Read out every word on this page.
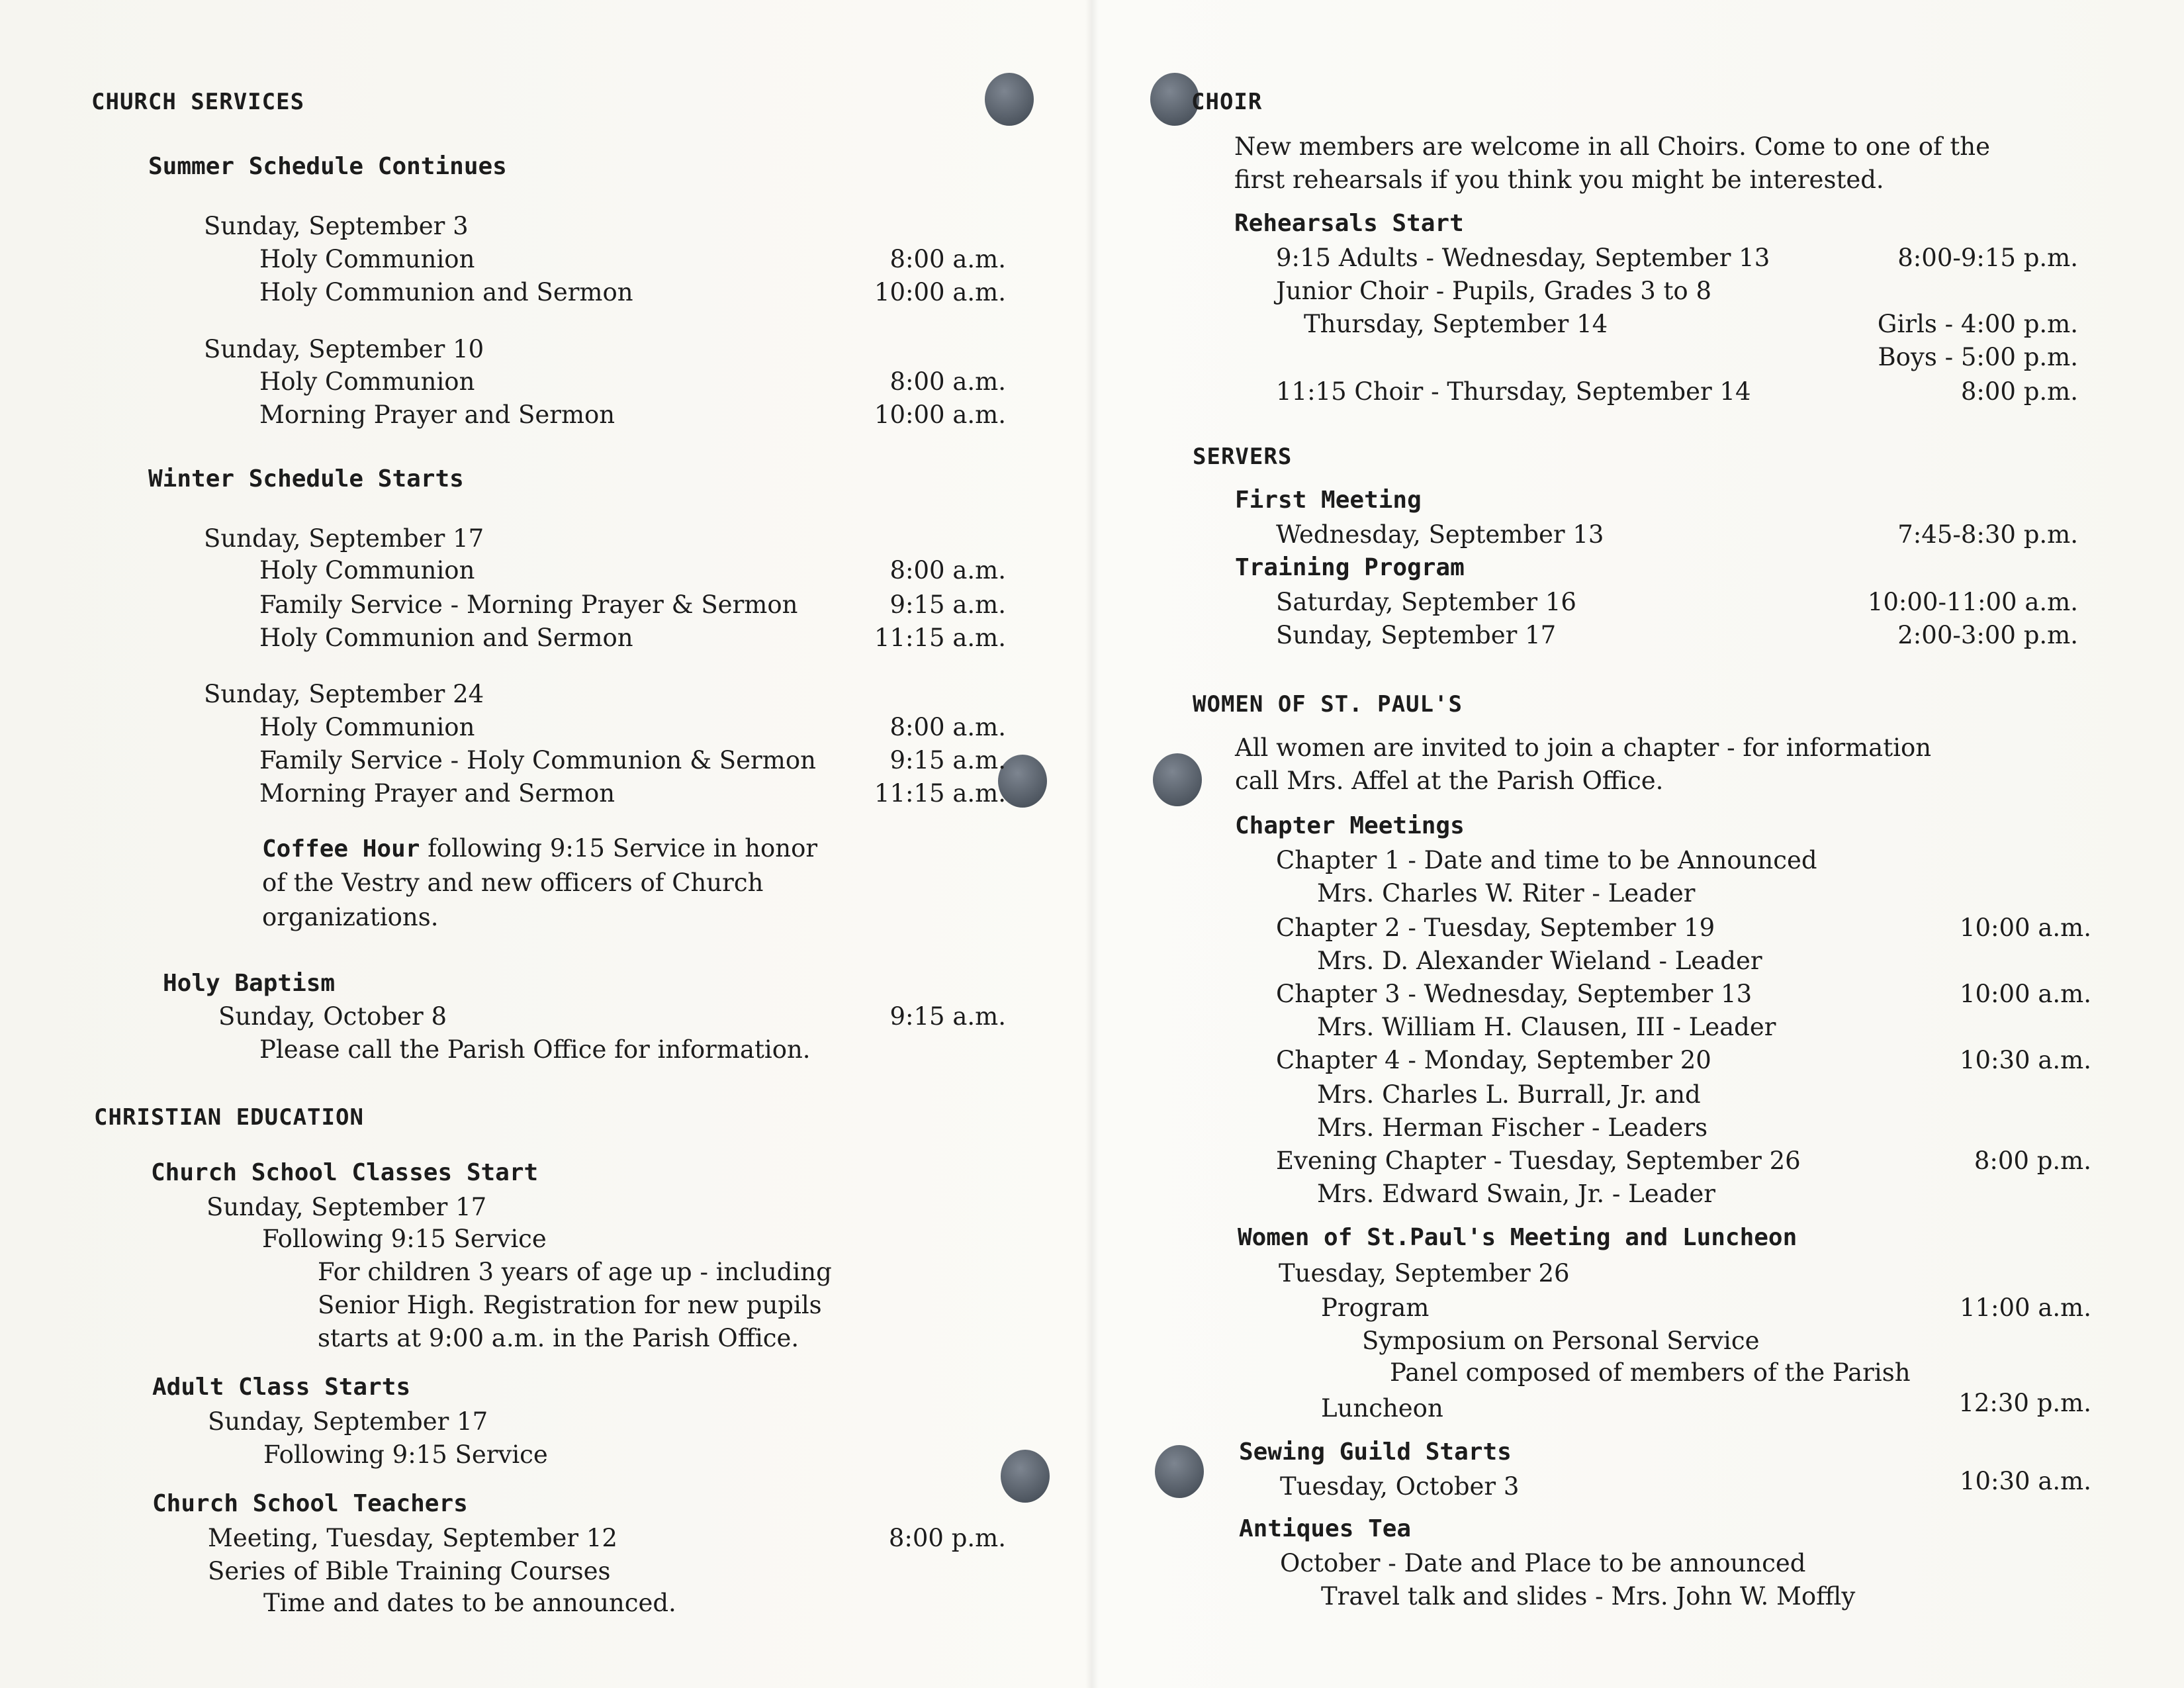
CHURCH SERVICES
Summer Schedule Continues
Sunday, September 3
Holy Communion	8:00 a.m.
Holy Communion and Sermon	10:00 a.m.
Sunday, September 10
Holy Communion	8:00 a.m.
Morning Prayer and Sermon	10:00 a.m.
Winter Schedule Starts
Sunday, September 17
Holy Communion	8:00 a.m.
Family Service - Morning Prayer & Sermon	9:15 a.m.
Holy Communion and Sermon	11:15 a.m.
Sunday, September 24
Holy Communion	8:00 a.m.
Family Service - Holy Communion & Sermon	9:15 a.m.
Morning Prayer and Sermon	11:15 a.m.
Coffee Hour following 9:15 Service in honor
of the Vestry and new officers of Church
organizations.
Holy Baptism
Sunday, October 8	9:15 a.m.
Please call the Parish Office for information.
CHRISTIAN EDUCATION
Church School Classes Start
Sunday, September 17
Following 9:15 Service
For children 3 years of age up - including
Senior High. Registration for new pupils
starts at 9:00 a.m. in the Parish Office.
Adult Class Starts
Sunday, September 17
Following 9:15 Service
Church School Teachers
Meeting, Tuesday, September 12	8:00 p.m.
Series of Bible Training Courses
Time and dates to be announced.
CHOIR
New members are welcome in all Choirs. Come to one of the
first rehearsals if you think you might be interested.
Rehearsals Start
9:15 Adults - Wednesday, September 13	8:00-9:15 p.m.
Junior Choir - Pupils, Grades 3 to 8
Thursday, September 14	Girls - 4:00 p.m.
Boys - 5:00 p.m.
11:15 Choir - Thursday, September 14	8:00 p.m.
SERVERS
First Meeting
Wednesday, September 13	7:45-8:30 p.m.
Training Program
Saturday, September 16	10:00-11:00 a.m.
Sunday, September 17	2:00-3:00 p.m.
WOMEN OF ST. PAUL'S
All women are invited to join a chapter - for information
call Mrs. Affel at the Parish Office.
Chapter Meetings
Chapter 1 - Date and time to be Announced
Mrs. Charles W. Riter - Leader
Chapter 2 - Tuesday, September 19	10:00 a.m.
Mrs. D. Alexander Wieland - Leader
Chapter 3 - Wednesday, September 13	10:00 a.m.
Mrs. William H. Clausen, III - Leader
Chapter 4 - Monday, September 20	10:30 a.m.
Mrs. Charles L. Burrall, Jr. and
Mrs. Herman Fischer - Leaders
Evening Chapter - Tuesday, September 26	8:00 p.m.
Mrs. Edward Swain, Jr. - Leader
Women of St.Paul's Meeting and Luncheon
Tuesday, September 26
Program	11:00 a.m.
Symposium on Personal Service
Panel composed of members of the Parish
Luncheon	12:30 p.m.
Sewing Guild Starts
Tuesday, October 3	10:30 a.m.
Antiques Tea
October - Date and Place to be announced
Travel talk and slides - Mrs. John W. Moffly
